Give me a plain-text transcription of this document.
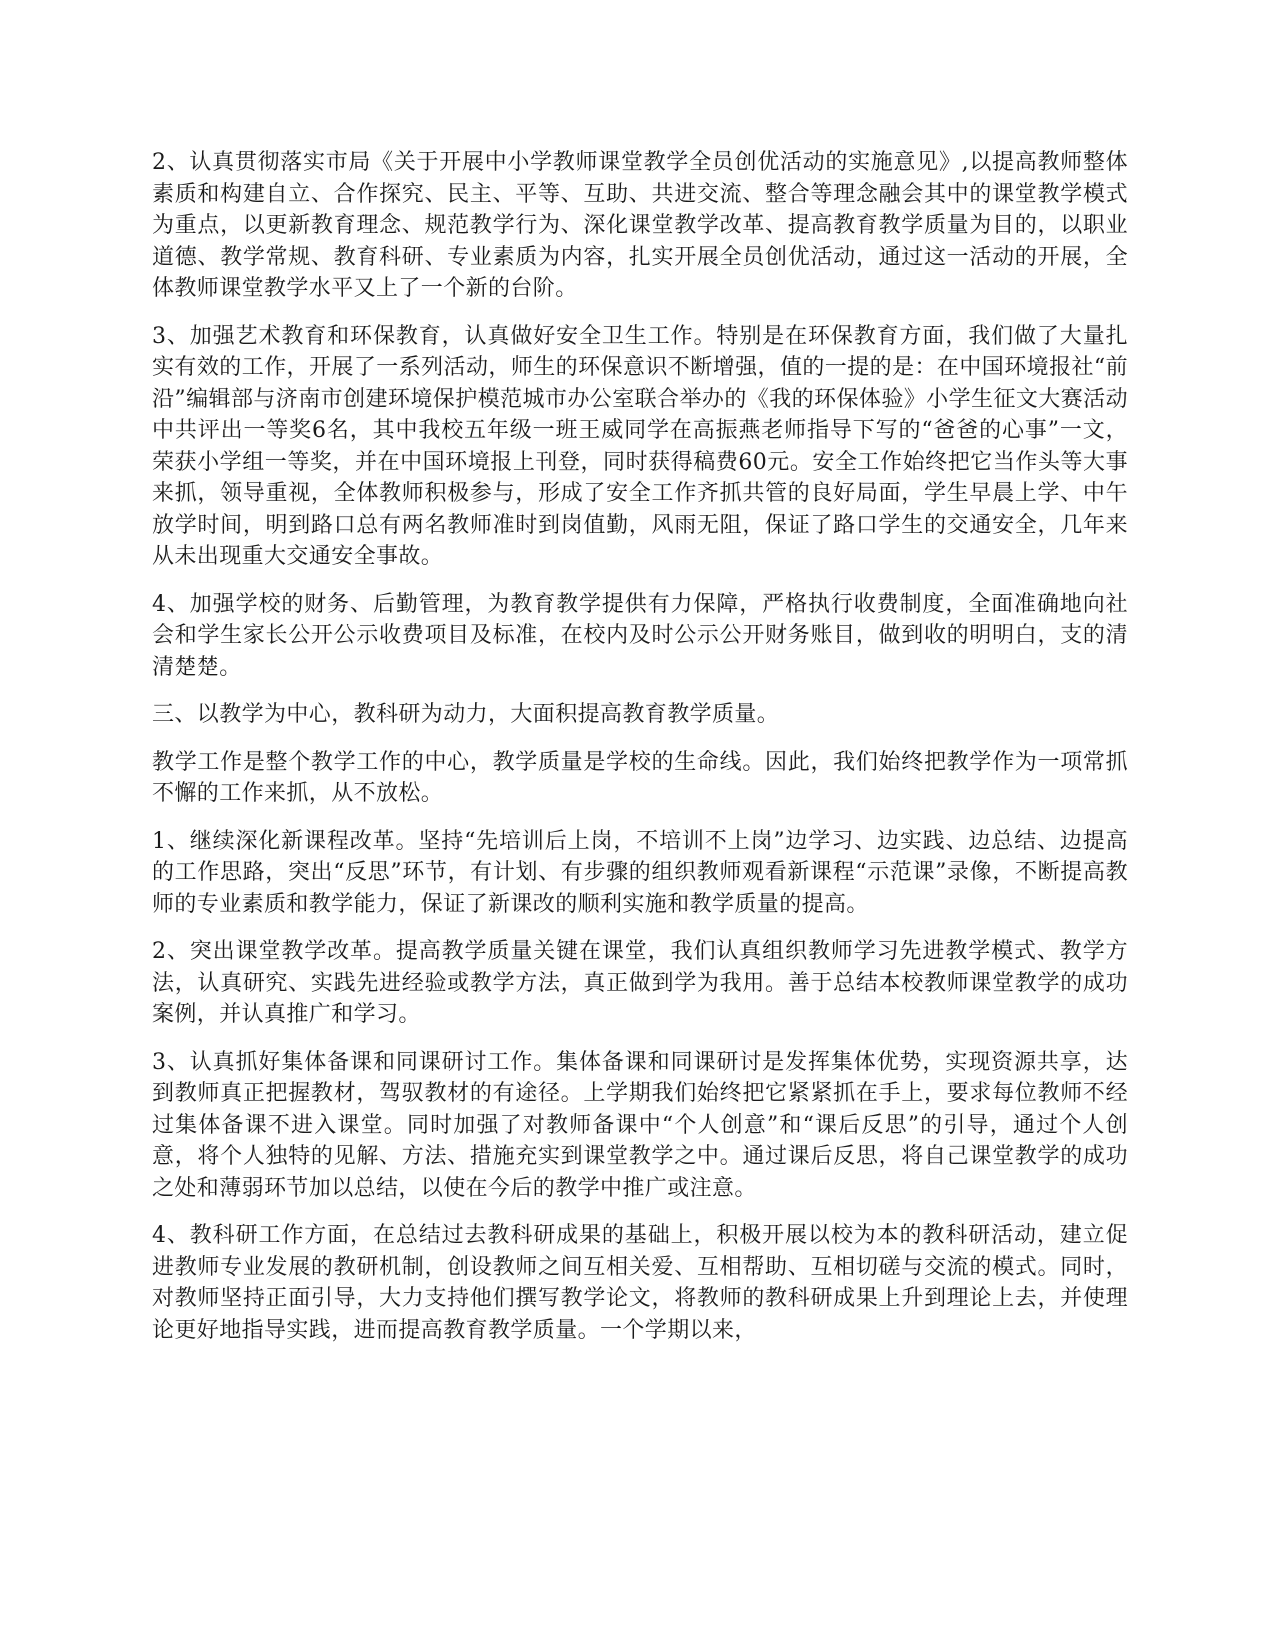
2、认真贯彻落实市局《关于开展中小学教师课堂教学全员创优活动的实施意见》,以提高教师整体素质和构建自立、合作探究、民主、平等、互助、共进交流、整合等理念融会其中的课堂教学模式为重点，以更新教育理念、规范教学行为、深化课堂教学改革、提高教育教学质量为目的，以职业道德、教学常规、教育科研、专业素质为内容，扎实开展全员创优活动，通过这一活动的开展，全体教师课堂教学水平又上了一个新的台阶。

3、加强艺术教育和环保教育，认真做好安全卫生工作。特别是在环保教育方面，我们做了大量扎实有效的工作，开展了一系列活动，师生的环保意识不断增强，值的一提的是：在中国环境报社“前沿”编辑部与济南市创建环境保护模范城市办公室联合举办的《我的环保体验》小学生征文大赛活动中共评出一等奖6名，其中我校五年级一班王威同学在高振燕老师指导下写的“爸爸的心事”一文，荣获小学组一等奖，并在中国环境报上刊登，同时获得稿费60元。安全工作始终把它当作头等大事来抓，领导重视，全体教师积极参与，形成了安全工作齐抓共管的良好局面，学生早晨上学、中午放学时间，明到路口总有两名教师准时到岗值勤，风雨无阻，保证了路口学生的交通安全，几年来从未出现重大交通安全事故。

4、加强学校的财务、后勤管理，为教育教学提供有力保障，严格执行收费制度，全面准确地向社会和学生家长公开公示收费项目及标准，在校内及时公示公开财务账目，做到收的明明白，支的清清楚楚。

三、以教学为中心，教科研为动力，大面积提高教育教学质量。

教学工作是整个教学工作的中心，教学质量是学校的生命线。因此，我们始终把教学作为一项常抓不懈的工作来抓，从不放松。

1、继续深化新课程改革。坚持“先培训后上岗，不培训不上岗”边学习、边实践、边总结、边提高的工作思路，突出“反思”环节，有计划、有步骤的组织教师观看新课程“示范课”录像，不断提高教师的专业素质和教学能力，保证了新课改的顺利实施和教学质量的提高。

2、突出课堂教学改革。提高教学质量关键在课堂，我们认真组织教师学习先进教学模式、教学方法，认真研究、实践先进经验或教学方法，真正做到学为我用。善于总结本校教师课堂教学的成功案例，并认真推广和学习。

3、认真抓好集体备课和同课研讨工作。集体备课和同课研讨是发挥集体优势，实现资源共享，达到教师真正把握教材，驾驭教材的有途径。上学期我们始终把它紧紧抓在手上，要求每位教师不经过集体备课不进入课堂。同时加强了对教师备课中“个人创意”和“课后反思”的引导，通过个人创意，将个人独特的见解、方法、措施充实到课堂教学之中。通过课后反思，将自己课堂教学的成功之处和薄弱环节加以总结，以使在今后的教学中推广或注意。

4、教科研工作方面，在总结过去教科研成果的基础上，积极开展以校为本的教科研活动，建立促进教师专业发展的教研机制，创设教师之间互相关爱、互相帮助、互相切磋与交流的模式。同时，对教师坚持正面引导，大力支持他们撰写教学论文，将教师的教科研成果上升到理论上去，并使理论更好地指导实践，进而提高教育教学质量。一个学期以来，
